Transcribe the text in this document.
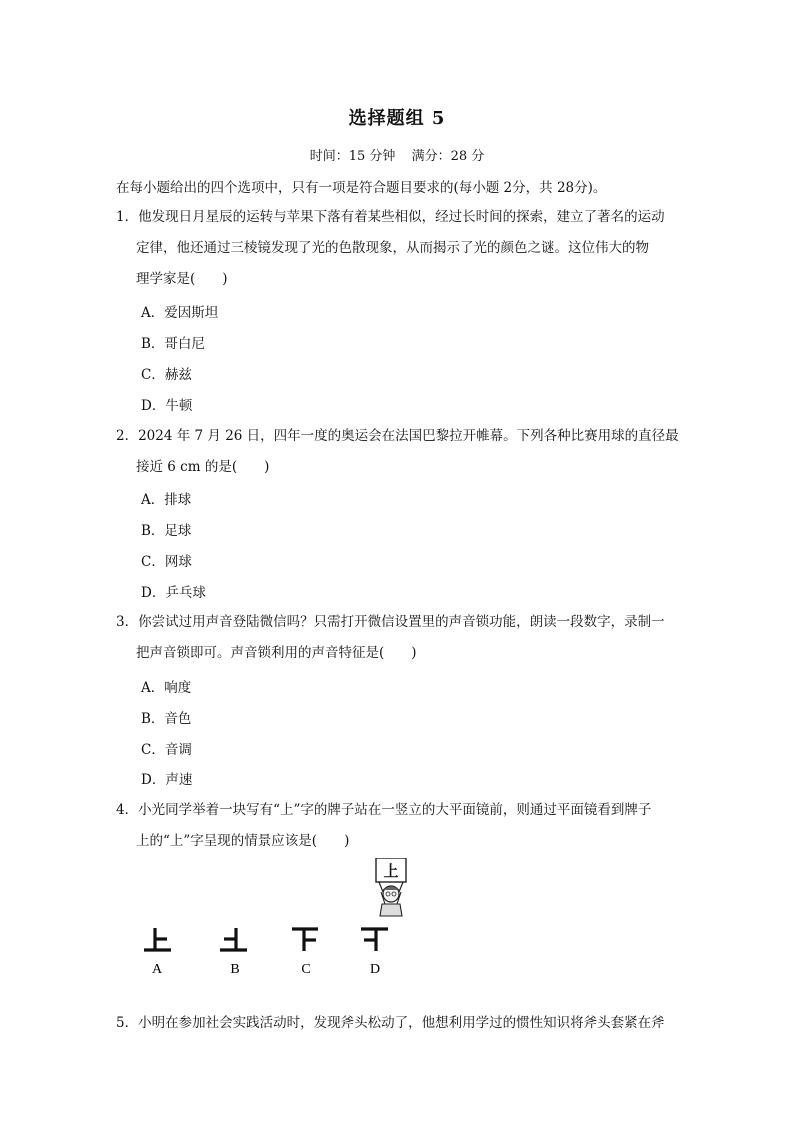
选择题组 5
时间：15 分钟 满分：28 分
在每小题给出的四个选项中，只有一项是符合题目要求的(每小题 2分，共 28分)。
1．他发现日月星辰的运转与苹果下落有着某些相似，经过长时间的探索，建立了著名的运动
定律，他还通过三棱镜发现了光的色散现象，从而揭示了光的颜色之谜。这位伟大的物
理学家是(　　)
A．爱因斯坦
B．哥白尼
C．赫兹
D．牛顿
2．2024 年 7 月 26 日，四年一度的奥运会在法国巴黎拉开帷幕。下列各种比赛用球的直径最
接近 6 cm 的是(　　)
A．排球
B．足球
C．网球
D．乒乓球
3．你尝试过用声音登陆微信吗？只需打开微信设置里的声音锁功能，朗读一段数字，录制一
把声音锁即可。声音锁利用的声音特征是(　　)
A．响度
B．音色
C．音调
D．声速
4．小光同学举着一块写有“上”字的牌子站在一竖立的大平面镜前，则通过平面镜看到牌子
上的“上”字呈现的情景应该是(　　)
上
A	B	C	D
5．小明在参加社会实践活动时，发现斧头松动了，他想利用学过的惯性知识将斧头套紧在斧
